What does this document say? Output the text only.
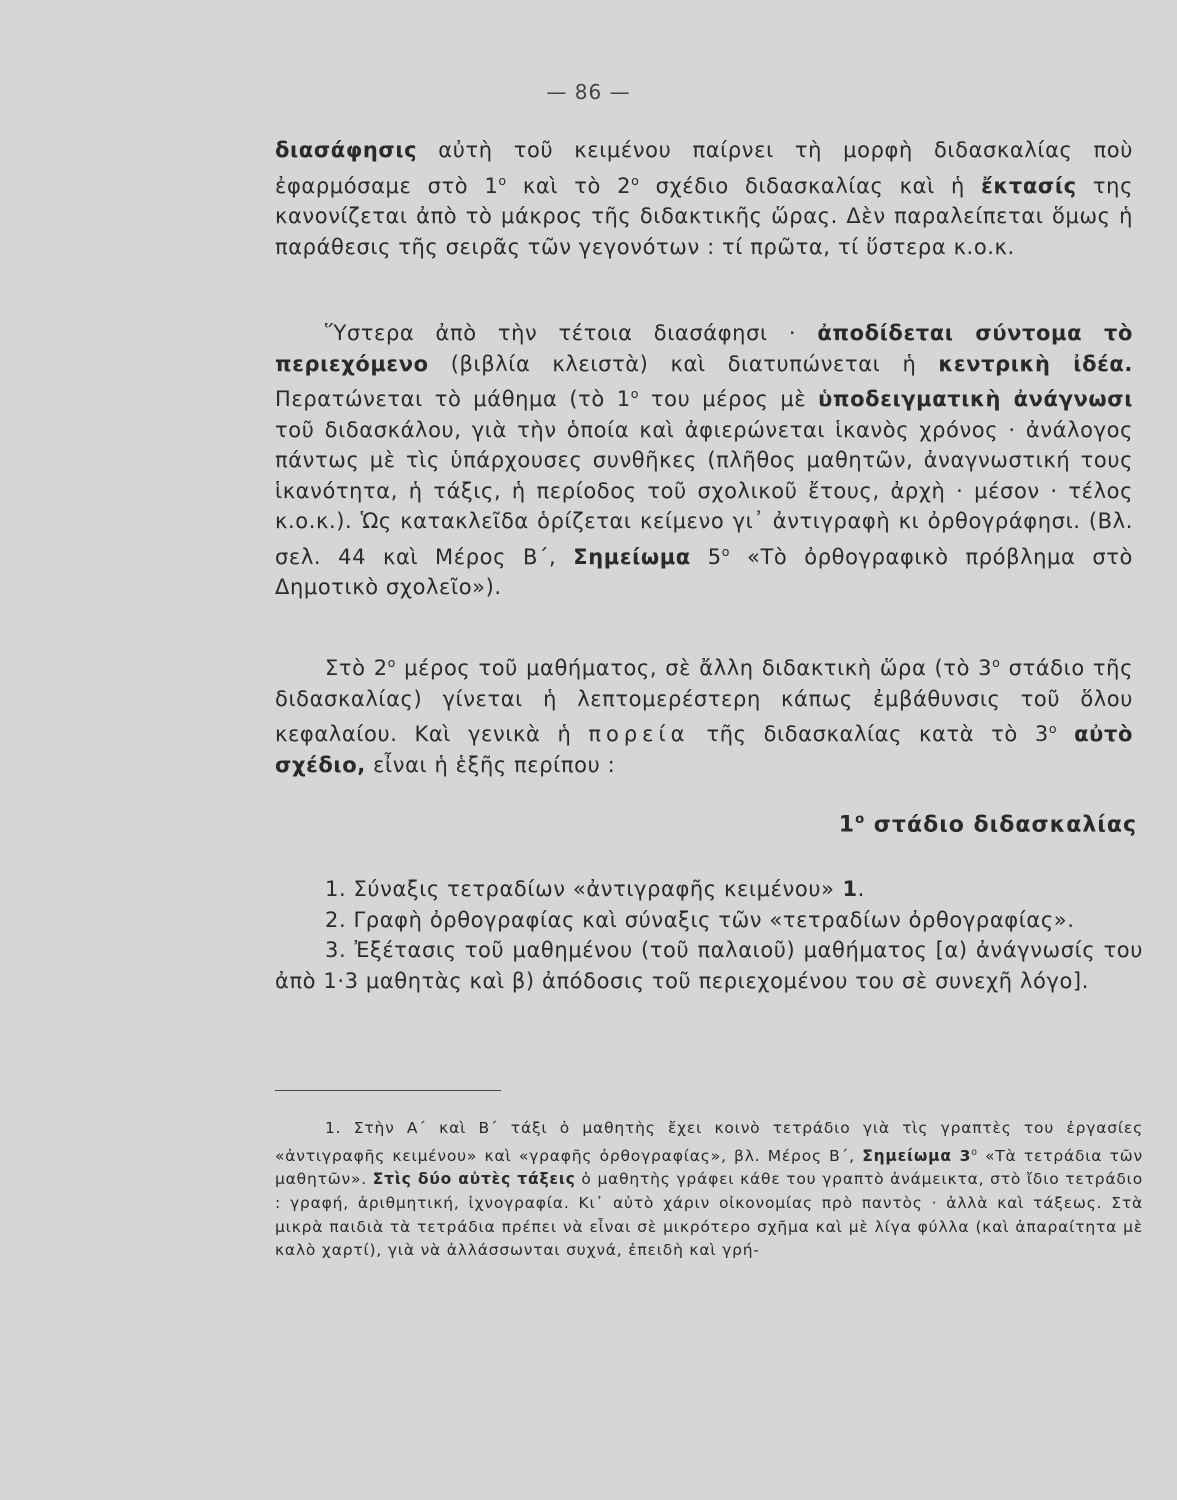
— 86 —
διασάφησις αὐτὴ τοῦ κειμένου παίρνει τὴ μορφὴ διδασκαλίας ποὺ ἐφαρμόσαμε στὸ $1^o$ καὶ τὸ $2^o$ σχέδιο διδασκαλίας καὶ ἡ ἔκτασίς της κανονίζεται ἀπὸ τὸ μάκρος τῆς διδακτικῆς ὥρας. Δὲν παραλείπεται ὅμως ἡ παράθεσις τῆς σειρᾶς τῶν γεγονότων : τί πρῶτα, τί ὕστερα κ.ο.κ.
Ὕστερα ἀπὸ τὴν τέτοια διασάφησι · ἀποδίδεται σύντομα τὸ περιεχόμενο (βιβλία κλειστὰ) καὶ διατυπώνεται ἡ κεντρικὴ ἰδέα. Περατώνεται τὸ μάθημα (τὸ $1^o$ του μέρος μὲ ὑποδειγματικὴ ἀνάγνωσι τοῦ διδασκάλου, γιὰ τὴν ὁποία καὶ ἀφιερώνεται ἱκανὸς χρόνος · ἀνάλογος πάντως μὲ τὶς ὑπάρχουσες συνθῆκες (πλῆθος μαθητῶν, ἀναγνωστική τους ἱκανότητα, ἡ τάξις, ἡ περίοδος τοῦ σχολικοῦ ἔτους, ἀρχὴ · μέσον · τέλος κ.ο.κ.). Ὡς κατακλεῖδα ὁρίζεται κείμενο γι᾿ ἀντιγραφὴ κι ὀρθογράφησι. (Βλ. σελ. 44 καὶ Μέρος Β΄, Σημείωμα $5^o$ «Τὸ ὀρθογραφικὸ πρόβλημα στὸ Δημοτικὸ σχολεῖο»).
Στὸ $2^o$ μέρος τοῦ μαθήματος, σὲ ἄλλη διδακτικὴ ὥρα (τὸ $3^o$ στάδιο τῆς διδασκαλίας) γίνεται ἡ λεπτομερέστερη κάπως ἐμβάθυνσις τοῦ ὅλου κεφαλαίου. Καὶ γενικὰ ἡ πορεία τῆς διδασκαλίας κατὰ τὸ $3^o$ αὐτὸ σχέδιο, εἶναι ἡ ἑξῆς περίπου :
$1^o$ στάδιο διδασκαλίας
1. Σύναξις τετραδίων «ἀντιγραφῆς κειμένου» 1.
2. Γραφὴ ὀρθογραφίας καὶ σύναξις τῶν «τετραδίων ὀρθογραφίας».
3. Ἐξέτασις τοῦ μαθημένου (τοῦ παλαιοῦ) μαθήματος [α) ἀνάγνωσίς του ἀπὸ 1·3 μαθητὰς καὶ β) ἀπόδοσις τοῦ περιεχομένου του σὲ συνεχῆ λόγο].
1. Στὴν Α΄ καὶ Β΄ τάξι ὁ μαθητὴς ἔχει κοινὸ τετράδιο γιὰ τὶς γραπτὲς του ἐργασίες «ἀντιγραφῆς κειμένου» καὶ «γραφῆς ὀρθογραφίας», βλ. Μέρος Β΄, Σημείωμα $3^o$ «Τὰ τετράδια τῶν μαθητῶν». Στὶς δύο αὐτὲς τάξεις ὁ μαθητὴς γράφει κάθε του γραπτὸ ἀνάμεικτα, στὸ ἴδιο τετράδιο : γραφή, ἀριθμητική, ἰχνογραφία. Κι᾿ αὐτὸ χάριν οἰκονομίας πρὸ παντὸς · ἀλλὰ καὶ τάξεως. Στὰ μικρὰ παιδιὰ τὰ τετράδια πρέπει νὰ εἶναι σὲ μικρότερο σχῆμα καὶ μὲ λίγα φύλλα (καὶ ἀπαραίτητα μὲ καλὸ χαρτί), γιὰ νὰ ἀλλάσσωνται συχνά, ἐπειδὴ καὶ γρή-
